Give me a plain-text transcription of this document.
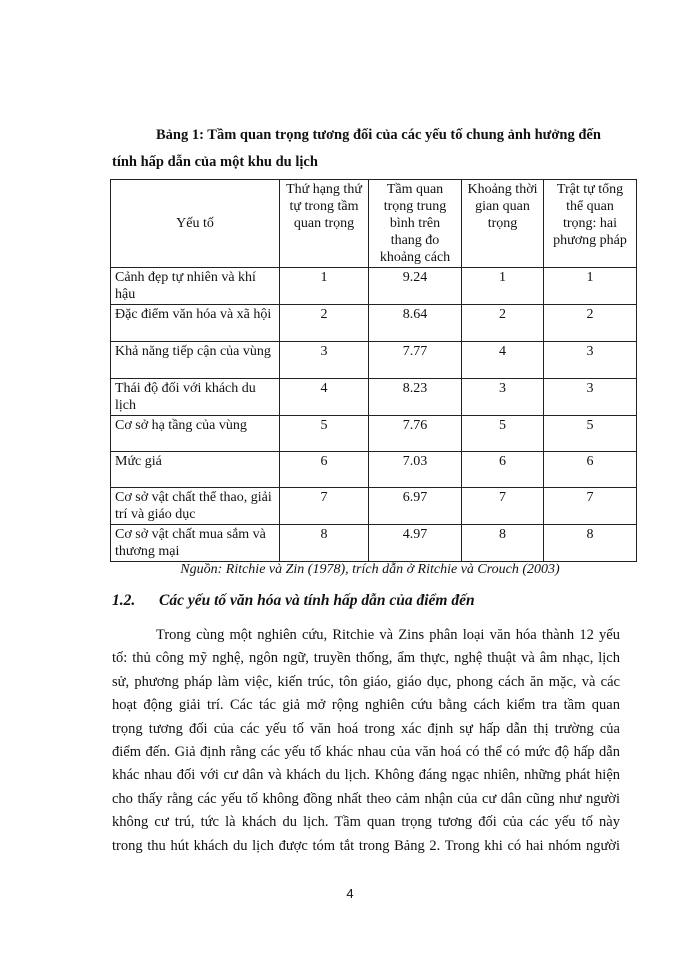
Bảng 1: Tầm quan trọng tương đối của các yếu tố chung ảnh hưởng đến
tính hấp dẫn của một khu du lịch
Yếu tố	Thứ hạng thứ tự trong tầm quan trọng	Tầm quan trọng trung bình trên thang đo khoảng cách	Khoảng thời gian quan trọng	Trật tự tổng thể quan trọng: hai phương pháp
Cảnh đẹp tự nhiên và khí hậu	1	9.24	1	1
Đặc điểm văn hóa và xã hội	2	8.64	2	2
Khả năng tiếp cận của vùng	3	7.77	4	3
Thái độ đối với khách du lịch	4	8.23	3	3
Cơ sở hạ tầng của vùng	5	7.76	5	5
Mức giá	6	7.03	6	6
Cơ sở vật chất thể thao, giải trí và giáo dục	7	6.97	7	7
Cơ sở vật chất mua sắm và thương mại	8	4.97	8	8
Nguồn: Ritchie và Zin (1978), trích dẫn ở Ritchie và Crouch (2003)
1.2. Các yếu tố văn hóa và tính hấp dẫn của điểm đến
Trong cùng một nghiên cứu, Ritchie và Zins phân loại văn hóa thành 12 yếu
tố: thủ công mỹ nghệ, ngôn ngữ, truyền thống, ẩm thực, nghệ thuật và âm nhạc, lịch
sử, phương pháp làm việc, kiến trúc, tôn giáo, giáo dục, phong cách ăn mặc, và các
hoạt động giải trí. Các tác giả mở rộng nghiên cứu bằng cách kiểm tra tầm quan
trọng tương đối của các yếu tố văn hoá trong xác định sự hấp dẫn thị trường của
điểm đến. Giả định rằng các yếu tố khác nhau của văn hoá có thể có mức độ hấp dẫn
khác nhau đối với cư dân và khách du lịch. Không đáng ngạc nhiên, những phát hiện
cho thấy rằng các yếu tố không đồng nhất theo cảm nhận của cư dân cũng như người
không cư trú, tức là khách du lịch. Tầm quan trọng tương đối của các yếu tố này
trong thu hút khách du lịch được tóm tắt trong Bảng 2. Trong khi có hai nhóm người
4
